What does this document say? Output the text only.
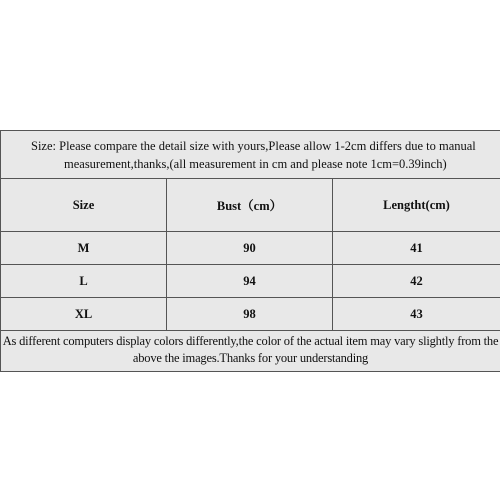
Size: Please compare the detail size with yours,Please allow 1-2cm differs due to manual
measurement,thanks,(all measurement in cm and please note 1cm=0.39inch)		

Size	Bust（cm）	Lengtht(cm)
M	90	41
L	94	42
XL	98	43
As different computers display colors differently,the color of the actual item may vary slightly from the
above the images.Thanks for your understanding		
